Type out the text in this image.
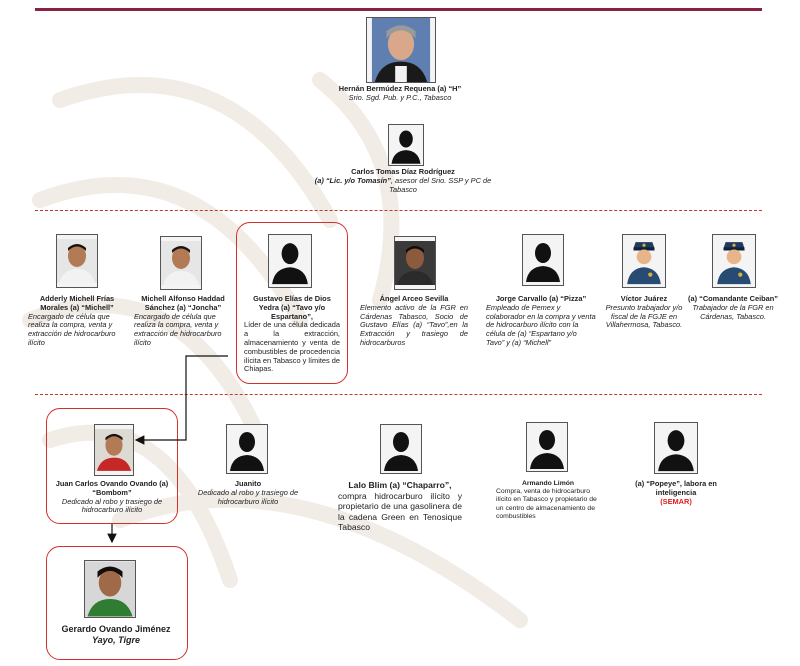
Hernán Bermúdez Requena (a) “H”
Srio. Sgd. Pub. y P.C., Tabasco
Carlos Tomas Díaz Rodríguez
(a) “Lic. y/o Tomasín”, asesor del Srio. SSP y PC de Tabasco
Adderly Michell Frías Morales (a) “Michell”
Encargado de célula que realiza la compra, venta y extracción de hidrocarburo ilícito
Michell Alfonso Haddad Sánchez (a) “Joncha”
Encargado de célula que realiza la compra, venta y extracción de hidrocarburo ilícito
Gustavo Elías de Dios Yedra (a) “Tavo y/o Espartano”,
Líder de una célula dedicada a la extracción, almacenamiento y venta de combustibles de procedencia ilícita en Tabasco y límites de Chiapas.
Ángel Arceo Sevilla
Elemento activo de la FGR en Cárdenas Tabasco, Socio de Gustavo Elías (a) “Tavo”,en la Extracción y trasiego de hidrocarburos
Jorge Carvallo (a) “Pizza”
Empleado de Pemex y colaborador en la compra y venta de hidrocarburo ilícito con la célula de (a) “Espartano y/o Tavo” y (a) “Michell”
Víctor Juárez
Presunto trabajador y/o fiscal de la FGJE en Villahermosa, Tabasco.
(a) “Comandante Ceiban”
Trabajador de la FGR en Cárdenas, Tabasco.
Juan Carlos Ovando Ovando (a) “Bombom”
Dedicado al robo y trasiego de hidrocarburo ilícito
Juanito
Dedicado al robo y trasiego de hidrocarburo ilícito
Lalo Blim (a) “Chaparro”,
compra hidrocarburo ilícito y propietario de una gasolinera de la cadena Green en Tenosique Tabasco
Armando Limón
Compra, venta de hidrocarburo ilícito en Tabasco y propietario de un centro de almacenamiento de combustibles
(a) “Popeye”, labora en inteligencia
(SEMAR)
Gerardo Ovando Jiménez
Yayo, Tigre
